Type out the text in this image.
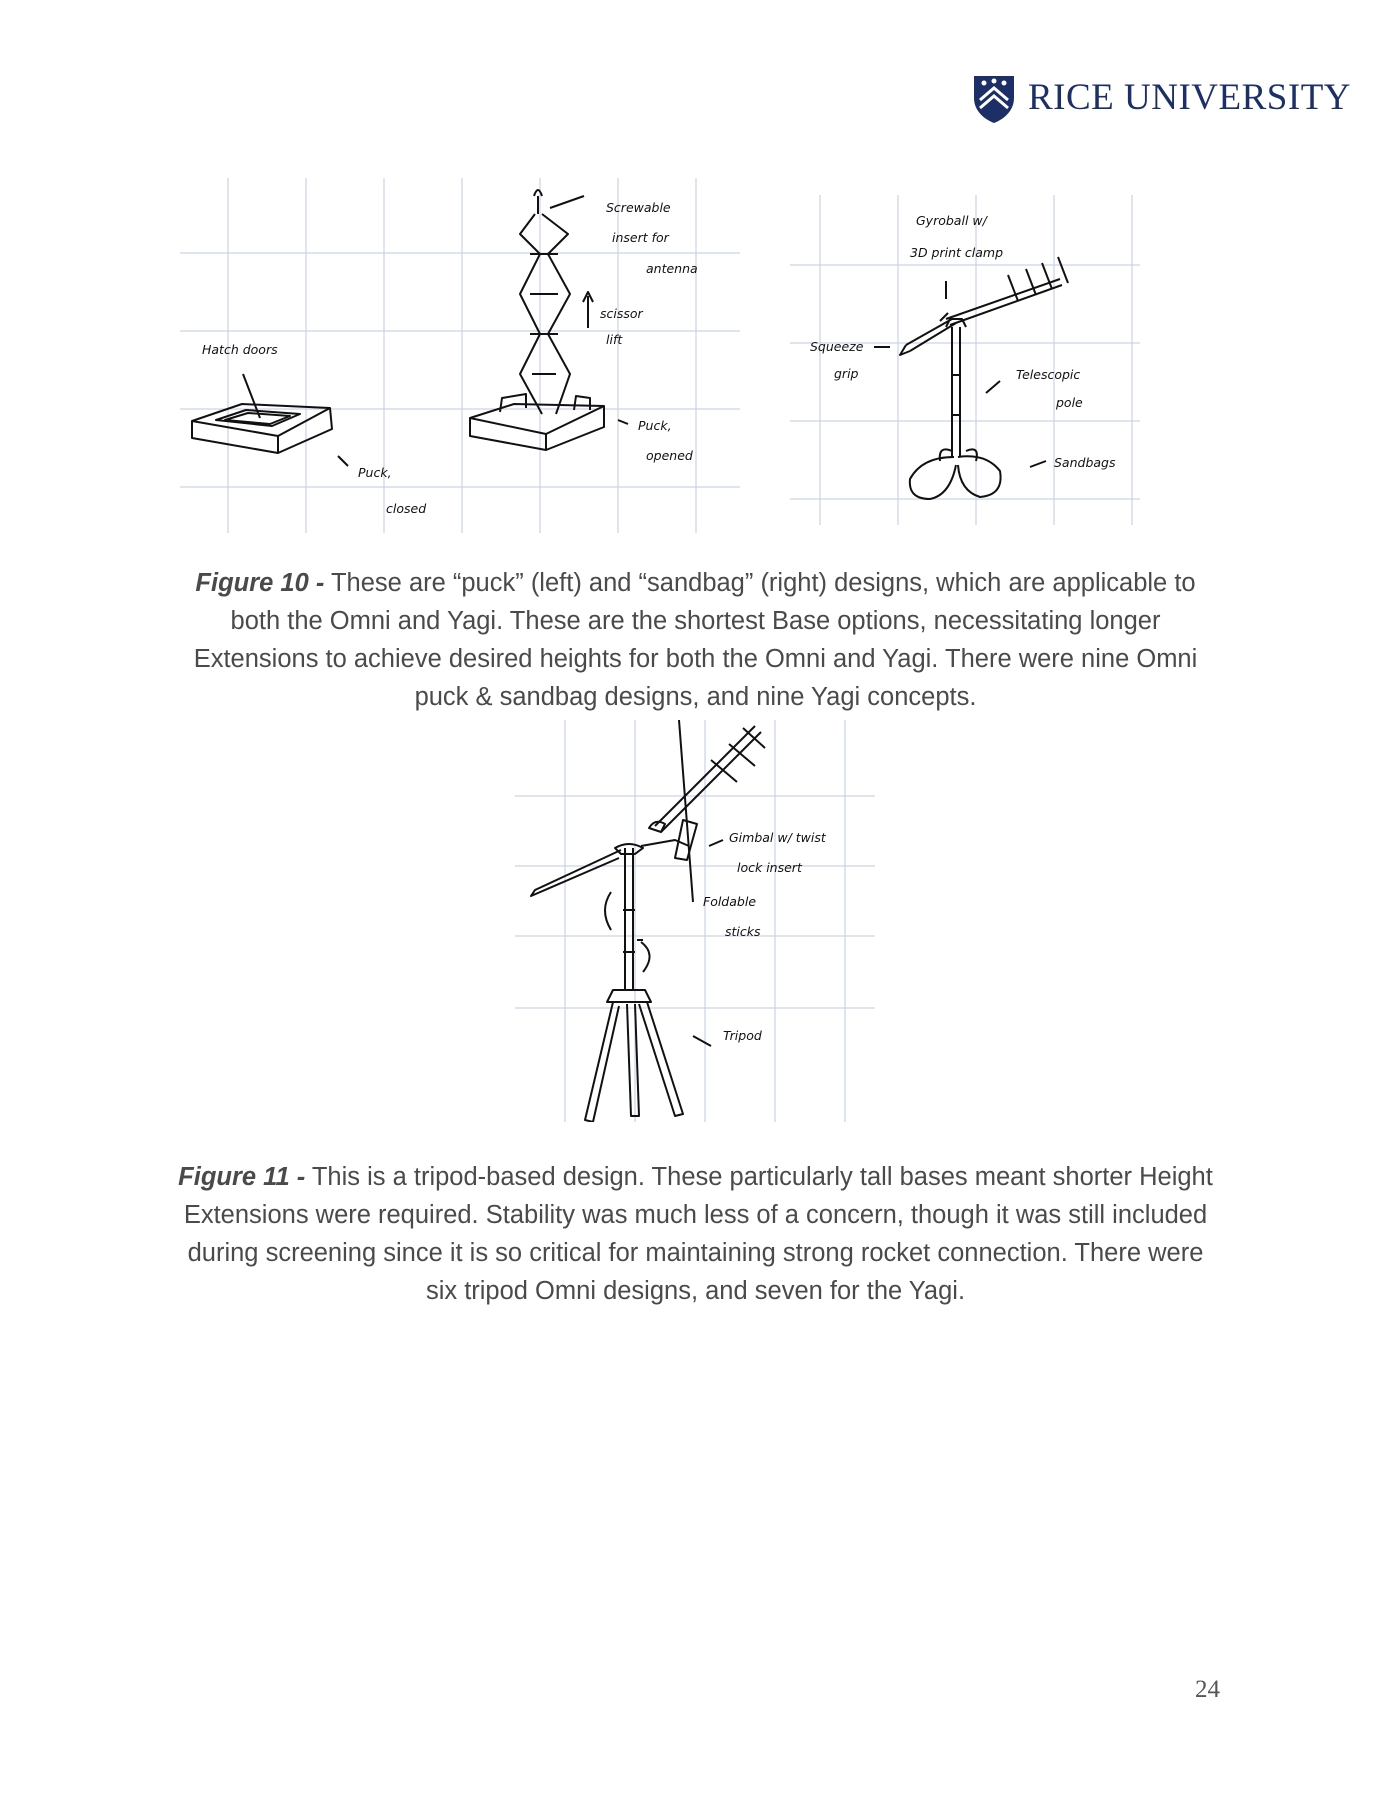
RICE UNIVERSITY
Hatch doors
Puck,
closed
Screwable
insert for
antenna
scissor
lift
Puck,
opened
Gyroball w/
3D print clamp
Squeeze
grip	Telescopic
pole
Sandbags
Figure 10 - These are “puck” (left) and “sandbag” (right) designs, which are applicable to both the Omni and Yagi. These are the shortest Base options, necessitating longer Extensions to achieve desired heights for both the Omni and Yagi. There were nine Omni puck & sandbag designs, and nine Yagi concepts.
Gimbal w/ twist
lock insert
Foldable
sticks
Tripod
Figure 11 - This is a tripod-based design. These particularly tall bases meant shorter Height Extensions were required. Stability was much less of a concern, though it was still included during screening since it is so critical for maintaining strong rocket connection. There were six tripod Omni designs, and seven for the Yagi.
24
